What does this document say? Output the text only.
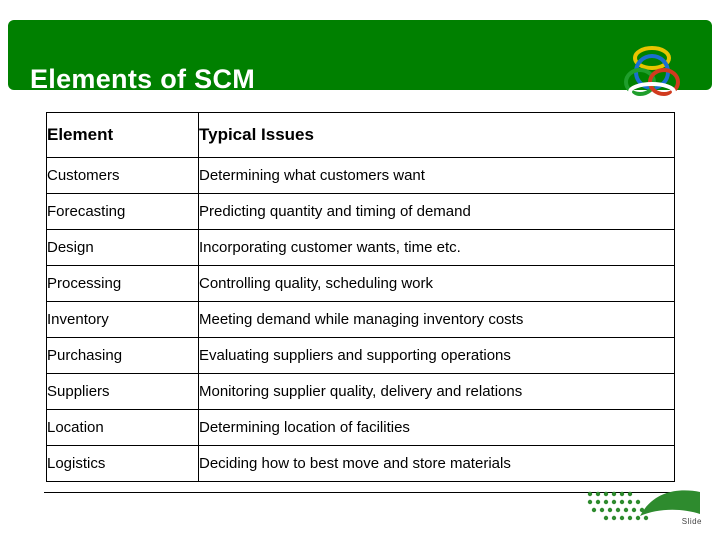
Elements of SCM
Element	Typical Issues
Customers	Determining what customers want
Forecasting	Predicting quantity and timing of demand
Design	Incorporating customer wants, time etc.
Processing	Controlling quality, scheduling work
Inventory	Meeting demand while managing inventory costs
Purchasing	Evaluating suppliers and supporting operations
Suppliers	Monitoring supplier quality, delivery and relations
Location	Determining location of facilities
Logistics	Deciding how to best move and store materials
Slide
